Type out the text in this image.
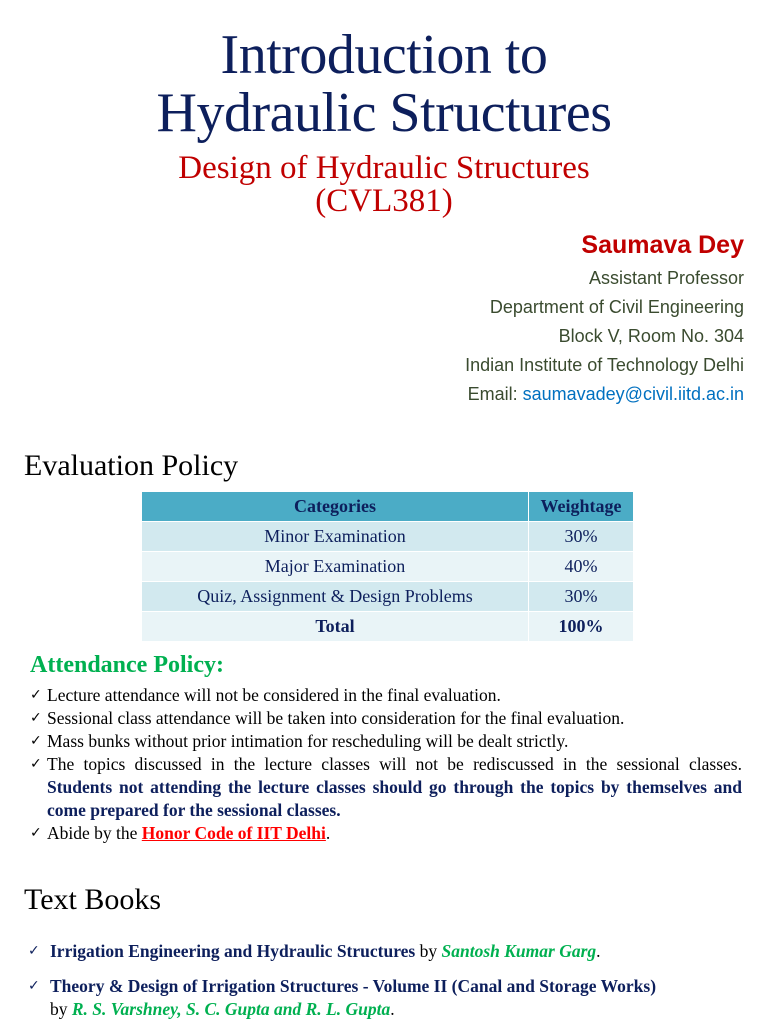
Introduction to
Hydraulic Structures
Design of Hydraulic Structures
(CVL381)
Saumava Dey
Assistant Professor
Department of Civil Engineering
Block V, Room No. 304
Indian Institute of Technology Delhi
Email: saumavadey@civil.iitd.ac.in
Evaluation Policy
Categories	Weightage
Minor Examination	30%
Major Examination	40%
Quiz, Assignment & Design Problems	30%
Total	100%
Attendance Policy:
✓ Lecture attendance will not be considered in the final evaluation.
✓ Sessional class attendance will be taken into consideration for the final evaluation.
✓ Mass bunks without prior intimation for rescheduling will be dealt strictly.
✓ The topics discussed in the lecture classes will not be rediscussed in the sessional classes. Students not attending the lecture classes should go through the topics by themselves and come prepared for the sessional classes.
✓ Abide by the Honor Code of IIT Delhi.
Text Books
✓ Irrigation Engineering and Hydraulic Structures by Santosh Kumar Garg.
✓ Theory & Design of Irrigation Structures - Volume II (Canal and Storage Works)
by R. S. Varshney, S. C. Gupta and R. L. Gupta.
